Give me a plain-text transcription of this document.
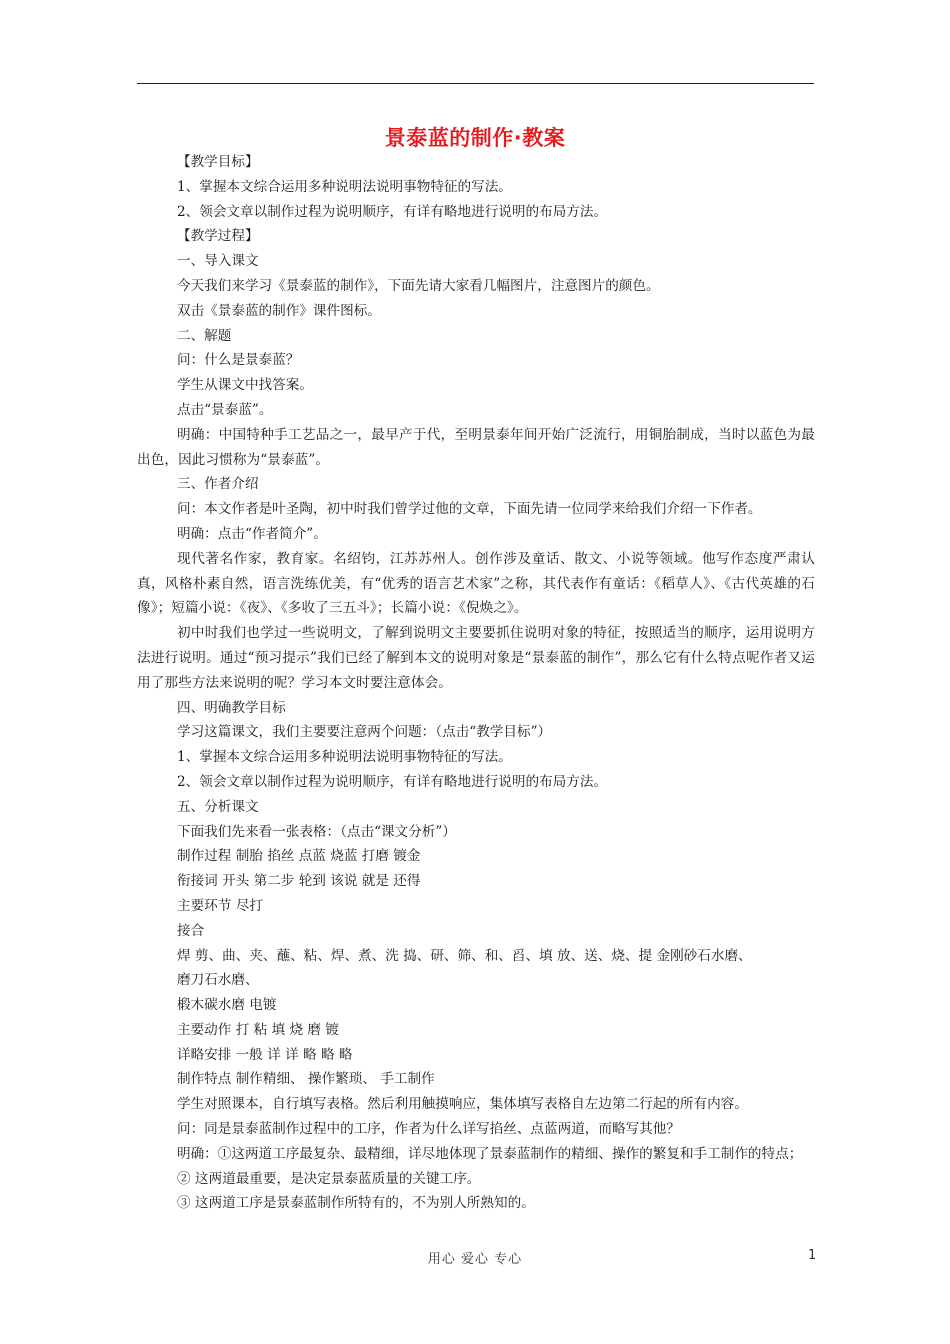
景泰蓝的制作·教案

【教学目标】

1、掌握本文综合运用多种说明法说明事物特征的写法。

2、领会文章以制作过程为说明顺序，有详有略地进行说明的布局方法。

【教学过程】

一、导入课文

今天我们来学习《景泰蓝的制作》，下面先请大家看几幅图片，注意图片的颜色。

双击《景泰蓝的制作》课件图标。

二、解题

问：什么是景泰蓝？

学生从课文中找答案。

点击“景泰蓝”。

明确：中国特种手工艺品之一，最早产于代，至明景泰年间开始广泛流行，用铜胎制成，当时以蓝色为最出色，因此习惯称为“景泰蓝”。

三、作者介绍

问：本文作者是叶圣陶，初中时我们曾学过他的文章，下面先请一位同学来给我们介绍一下作者。

明确：点击“作者简介”。

现代著名作家，教育家。名绍钧，江苏苏州人。创作涉及童话、散文、小说等领域。他写作态度严肃认真，风格朴素自然，语言洗练优美，有“优秀的语言艺术家”之称，其代表作有童话：《稻草人》、《古代英雄的石像》；短篇小说：《夜》、《多收了三五斗》；长篇小说：《倪焕之》。

初中时我们也学过一些说明文，了解到说明文主要要抓住说明对象的特征，按照适当的顺序，运用说明方法进行说明。通过“预习提示”我们已经了解到本文的说明对象是“景泰蓝的制作”，那么它有什么特点呢作者又运用了那些方法来说明的呢？学习本文时要注意体会。

四、明确教学目标

学习这篇课文，我们主要要注意两个问题：（点击“教学目标”）

1、掌握本文综合运用多种说明法说明事物特征的写法。

2、领会文章以制作过程为说明顺序，有详有略地进行说明的布局方法。

五、分析课文

下面我们先来看一张表格：（点击“课文分析”）

制作过程 制胎 掐丝 点蓝 烧蓝 打磨 镀金

衔接词 开头 第二步 轮到 该说 就是 还得

主要环节 尽打

接合

焊 剪、曲、夹、蘸、粘、焊、煮、洗 捣、研、筛、和、舀、填 放、送、烧、提 金刚砂石水磨、

磨刀石水磨、

椴木碳水磨 电镀

主要动作 打 粘 填 烧 磨 镀

详略安排 一般 详 详 略 略 略

制作特点 制作精细、 操作繁琐、 手工制作

学生对照课本，自行填写表格。然后利用触摸响应，集体填写表格自左边第二行起的所有内容。

问：同是景泰蓝制作过程中的工序，作者为什么详写掐丝、点蓝两道，而略写其他？

明确：①这两道工序最复杂、最精细，详尽地体现了景泰蓝制作的精细、操作的繁复和手工制作的特点；

② 这两道最重要，是决定景泰蓝质量的关键工序。

③ 这两道工序是景泰蓝制作所特有的，不为别人所熟知的。

用心 爱心 专心	1
